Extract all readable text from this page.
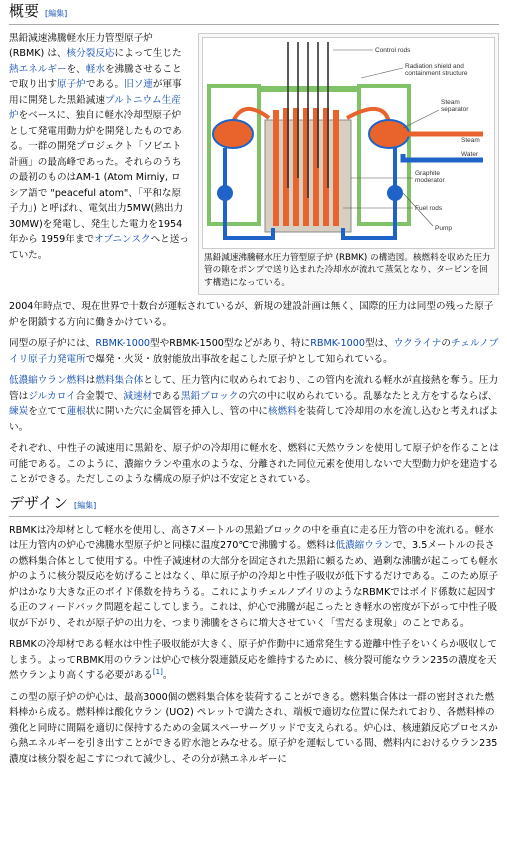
概要 [編集]
Control rods
Radiation shield and
containment structure
Steam
separator
Steam
Water
Graphite
moderator
Fuel rods
Pump
黒鉛減速沸騰軽水圧力管型原子炉 (RBMK) の構造図。核燃料を収めた圧力管の隙をポンプで送り込まれた冷却水が流れて蒸気となり、タービンを回す構造になっている。

黒鉛減速沸騰軽水圧力管型原子炉 (RBMK) は、核分裂反応によって生じた熱エネルギーを、軽水を沸騰させることで取り出す原子炉である。旧ソ連が軍事用に開発した黒鉛減速プルトニウム生産炉をベースに、独自に軽水冷却型原子炉として発電用動力炉を開発したものである。一群の開発プロジェクト「ソビエト計画」の最高峰であった。それらのうちの最初のものはAM-1 (Atom Mirniy, ロシア語で "peaceful atom"、「平和な原子力」) と呼ばれ、電気出力5MW(熱出力30MW)を発電し、発生した電力を1954年から 1959年までオブニンスクへと送っていた。

2004年時点で、現在世界で十数台が運転されているが、新規の建設計画は無く、国際的圧力は同型の残った原子炉を閉鎖する方向に働きかけている。

同型の原子炉には、RBMK-1000型やRBMK-1500型などがあり、特にRBMK-1000型は、ウクライナのチェルノブイリ原子力発電所で爆発・火災・放射能放出事故を起こした原子炉として知られている。

低濃縮ウラン燃料は燃料集合体として、圧力管内に収められており、この管内を流れる軽水が直接熱を奪う。圧力管はジルカロイ合金製で、減速材である黒鉛ブロックの穴の中に収められている。乱暴なたとえ方をするならば、練炭を立てて蓮根状に開いた穴に金属管を挿入し、管の中に核燃料を装荷して冷却用の水を流し込むと考えればよい。

それぞれ、中性子の減速用に黒鉛を、原子炉の冷却用に軽水を、燃料に天然ウランを使用して原子炉を作ることは可能である。このように、濃縮ウランや重水のような、分離された同位元素を使用しないで大型動力炉を建造することができる。ただしこのような構成の原子炉は不安定とされている。

デザイン [編集]

RBMKは冷却材として軽水を使用し、高さ7メートルの黒鉛ブロックの中を垂直に走る圧力管の中を流れる。軽水は圧力管内の炉心で沸騰水型原子炉と同様に温度270℃で沸騰する。燃料は低濃縮ウランで、3.5メートルの長さの燃料集合体として使用する。中性子減速材の大部分を固定された黒鉛に頼るため、過剰な沸騰が起こっても軽水炉のように核分裂反応を妨げることはなく、単に原子炉の冷却と中性子吸収が低下するだけである。このため原子炉はかなり大きな正のボイド係数を持ちうる。これによりチェルノブイリのようなRBMKではボイド係数に起因する正のフィードバック問題を起こしてしまう。これは、炉心で沸騰が起こったとき軽水の密度が下がって中性子吸収が下がり、それが原子炉の出力を、つまり沸騰をさらに増大させていく「雪だるま現象」のことである。

RBMKの冷却材である軽水は中性子吸収能が大きく、原子炉作動中に通常発生する遊離中性子をいくらか吸収してしまう。よってRBMK用のウランは炉心で核分裂連鎖反応を維持するために、核分裂可能なウラン235の濃度を天然ウランより高くする必要がある[1]。

この型の原子炉の炉心は、最高3000個の燃料集合体を装荷することができる。燃料集合体は一群の密封された燃料棒から成る。燃料棒は酸化ウラン (UO2) ペレットで満たされ、端板で適切な位置に保たれており、各燃料棒の強化と同時に間隔を適切に保持するための金属スペーサーグリッドで支えられる。炉心は、核連鎖反応プロセスから熱エネルギーを引き出すことができる貯水池とみなせる。原子炉を運転している間、燃料内におけるウラン235濃度は核分裂を起こすにつれて減少し、その分が熱エネルギーに
